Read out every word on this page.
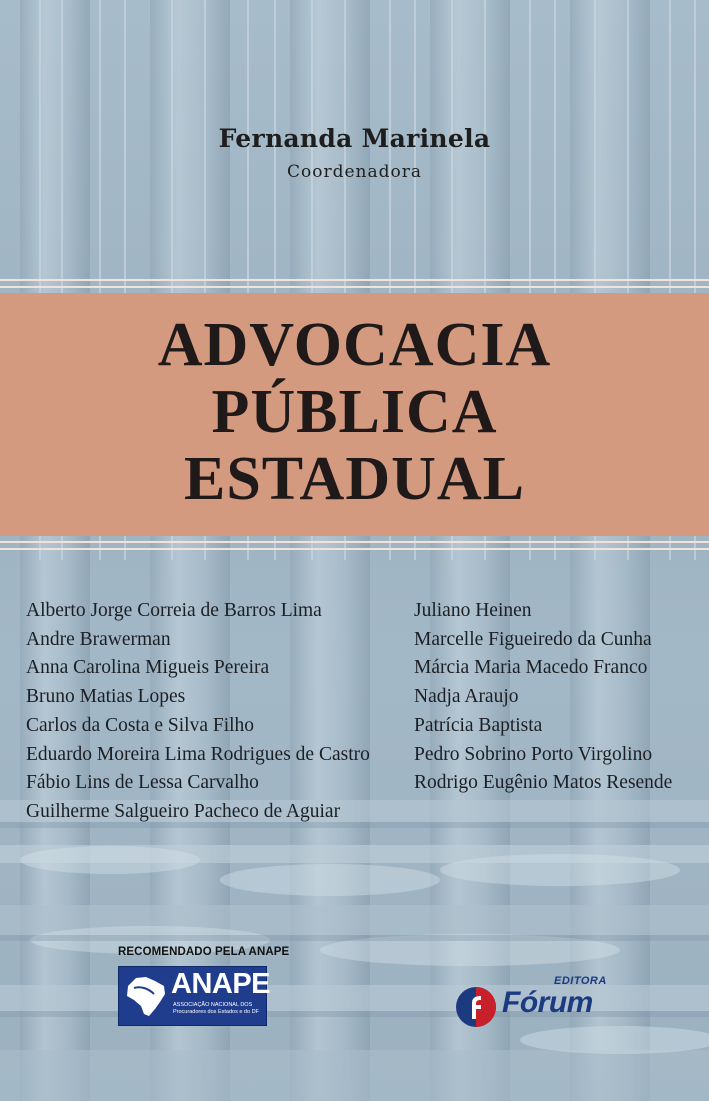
Fernanda Marinela
Coordenadora
ADVOCACIA
PÚBLICA
ESTADUAL
Alberto Jorge Correia de Barros Lima
Andre Brawerman
Anna Carolina Migueis Pereira
Bruno Matias Lopes
Carlos da Costa e Silva Filho
Eduardo Moreira Lima Rodrigues de Castro
Fábio Lins de Lessa Carvalho
Guilherme Salgueiro Pacheco de Aguiar
Juliano Heinen
Marcelle Figueiredo da Cunha
Márcia Maria Macedo Franco
Nadja Araujo
Patrícia Baptista
Pedro Sobrino Porto Virgolino
Rodrigo Eugênio Matos Resende
RECOMENDADO PELA ANAPE
ANAPE
ASSOCIAÇÃO NACIONAL DOS Procuradores dos Estados e do DF
EDITORA
Fórum
